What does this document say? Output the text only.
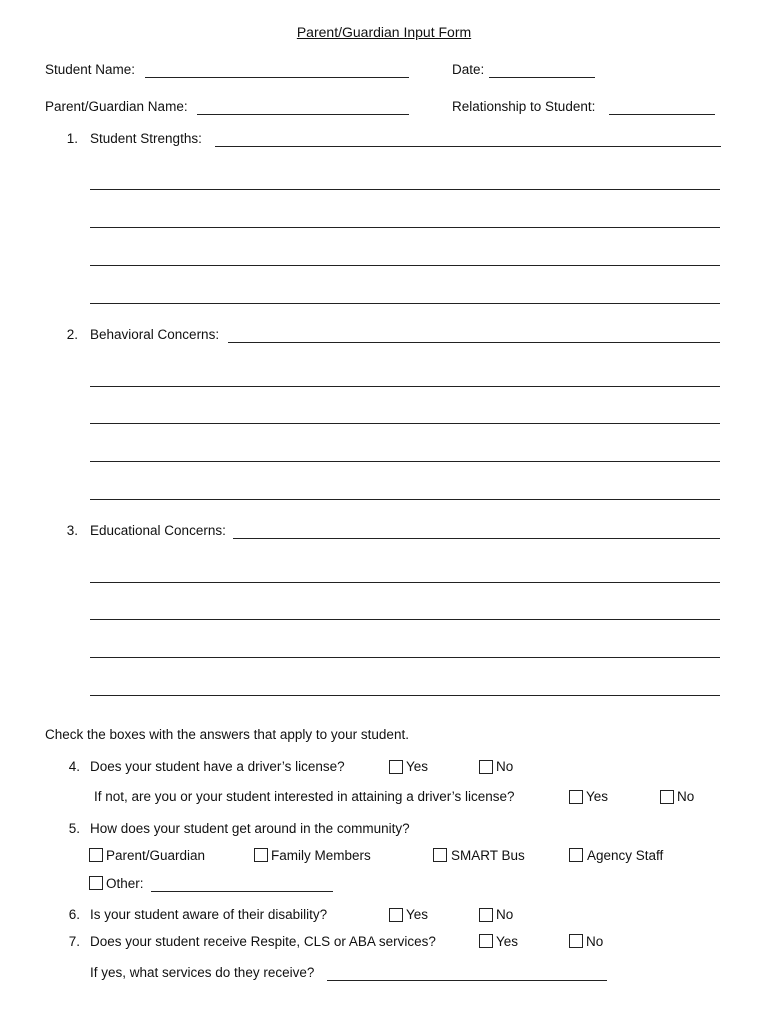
Parent/Guardian Input Form
Student Name:	Date:
Parent/Guardian Name:	Relationship to Student:
1. Student Strengths:
2. Behavioral Concerns:
3. Educational Concerns:
Check the boxes with the answers that apply to your student.
4. Does your student have a driver’s license?	Yes	No
If not, are you or your student interested in attaining a driver’s license?	Yes	No
5. How does your student get around in the community?
Parent/Guardian	Family Members	SMART Bus	Agency Staff
Other:
6. Is your student aware of their disability?	Yes	No
7. Does your student receive Respite, CLS or ABA services?	Yes	No
If yes, what services do they receive?
